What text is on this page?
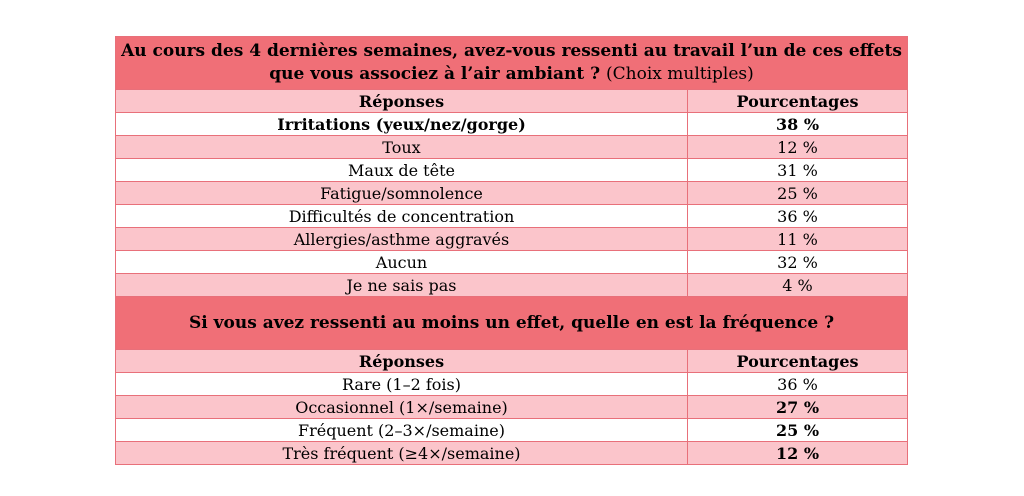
Au cours des 4 dernières semaines, avez-vous ressenti au travail l’un de ces effets que vous associez à l’air ambiant ? (Choix multiples)	
Réponses	Pourcentages
Irritations (yeux/nez/gorge)	38 %
Toux	12 %
Maux de tête	31 %
Fatigue/somnolence	25 %
Difficultés de concentration	36 %
Allergies/asthme aggravés	11 %
Aucun	32 %
Je ne sais pas	4 %
Si vous avez ressenti au moins un effet, quelle en est la fréquence ?	
Réponses	Pourcentages
Rare (1–2 fois)	36 %
Occasionnel (1×/semaine)	27 %
Fréquent (2–3×/semaine)	25 %
Très fréquent (≥4×/semaine)	12 %
